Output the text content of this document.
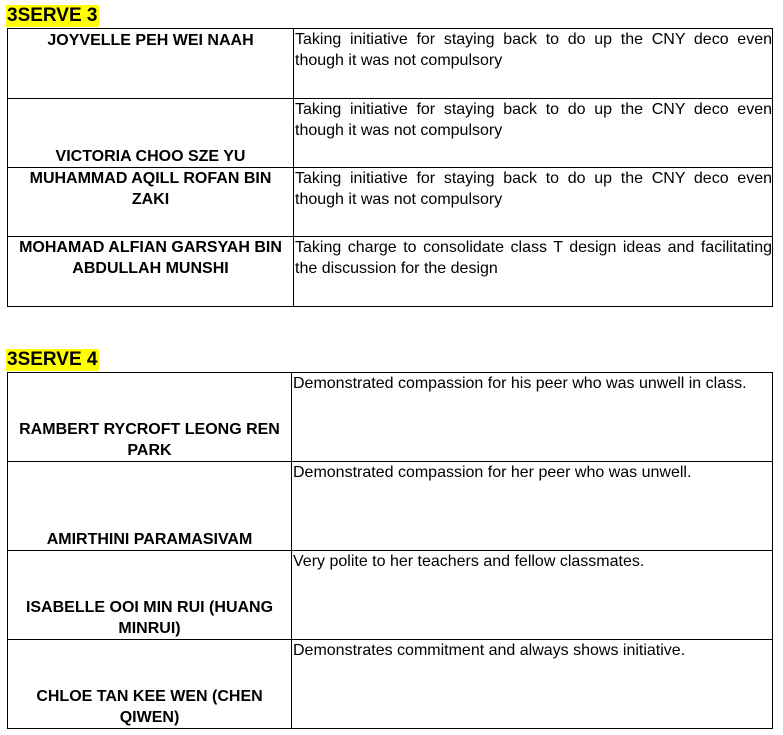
3SERVE 3
JOYVELLE PEH WEI NAAH	Taking initiative for staying back to do up the CNY deco even though it was not compulsory

VICTORIA CHOO SZE YU	Taking initiative for staying back to do up the CNY deco even though it was not compulsory

MUHAMMAD AQILL ROFAN BIN ZAKI	Taking initiative for staying back to do up the CNY deco even though it was not compulsory

MOHAMAD ALFIAN GARSYAH BIN ABDULLAH MUNSHI	Taking charge to consolidate class T design ideas and facilitating the discussion for the design
3SERVE 4
RAMBERT RYCROFT LEONG REN PARK	Demonstrated compassion for his peer who was unwell in class.

AMIRTHINI PARAMASIVAM	Demonstrated compassion for her peer who was unwell.

ISABELLE OOI MIN RUI (HUANG MINRUI)	Very polite to her teachers and fellow classmates.

CHLOE TAN KEE WEN (CHEN QIWEN)	Demonstrates commitment and always shows initiative.
